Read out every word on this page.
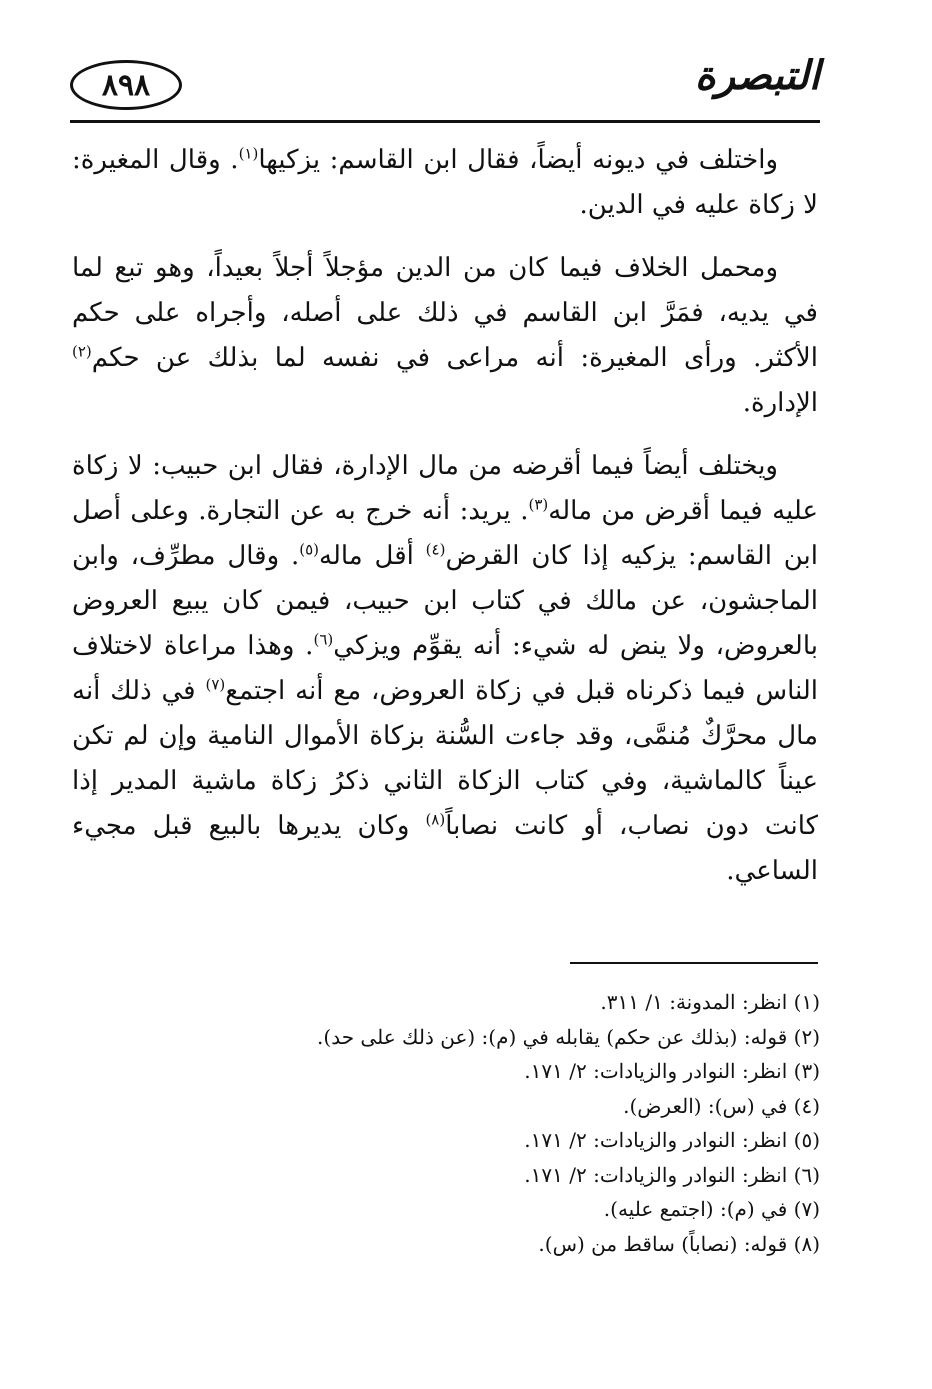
٨٩٨	التبصرة

واختلف في ديونه أيضاً، فقال ابن القاسم: يزكيها$^{(١)}$. وقال المغيرة: لا زكاة عليه في الدين.

ومحمل الخلاف فيما كان من الدين مؤجلاً أجلاً بعيداً، وهو تبع لما في يديه، فمَرَّ ابن القاسم في ذلك على أصله، وأجراه على حكم الأكثر. ورأى المغيرة: أنه مراعى في نفسه لما بذلك عن حكم$^{(٢)}$ الإدارة.

ويختلف أيضاً فيما أقرضه من مال الإدارة، فقال ابن حبيب: لا زكاة عليه فيما أقرض من ماله$^{(٣)}$. يريد: أنه خرج به عن التجارة. وعلى أصل ابن القاسم: يزكيه إذا كان القرض$^{(٤)}$ أقل ماله$^{(٥)}$. وقال مطرِّف، وابن الماجشون، عن مالك في كتاب ابن حبيب، فيمن كان يبيع العروض بالعروض، ولا ينض له شيء: أنه يقوِّم ويزكي$^{(٦)}$. وهذا مراعاة لاختلاف الناس فيما ذكرناه قبل في زكاة العروض، مع أنه اجتمع$^{(٧)}$ في ذلك أنه مال محرَّكٌ مُنمَّى، وقد جاءت السُّنة بزكاة الأموال النامية وإن لم تكن عيناً كالماشية، وفي كتاب الزكاة الثاني ذكرُ زكاة ماشية المدير إذا كانت دون نصاب، أو كانت نصاباً$^{(٨)}$ وكان يديرها بالبيع قبل مجيء الساعي.

(١) انظر: المدونة: ١/ ٣١١.
(٢) قوله: (بذلك عن حكم) يقابله في (م): (عن ذلك على حد).
(٣) انظر: النوادر والزيادات: ٢/ ١٧١.
(٤) في (س): (العرض).
(٥) انظر: النوادر والزيادات: ٢/ ١٧١.
(٦) انظر: النوادر والزيادات: ٢/ ١٧١.
(٧) في (م): (اجتمع عليه).
(٨) قوله: (نصاباً) ساقط من (س).
